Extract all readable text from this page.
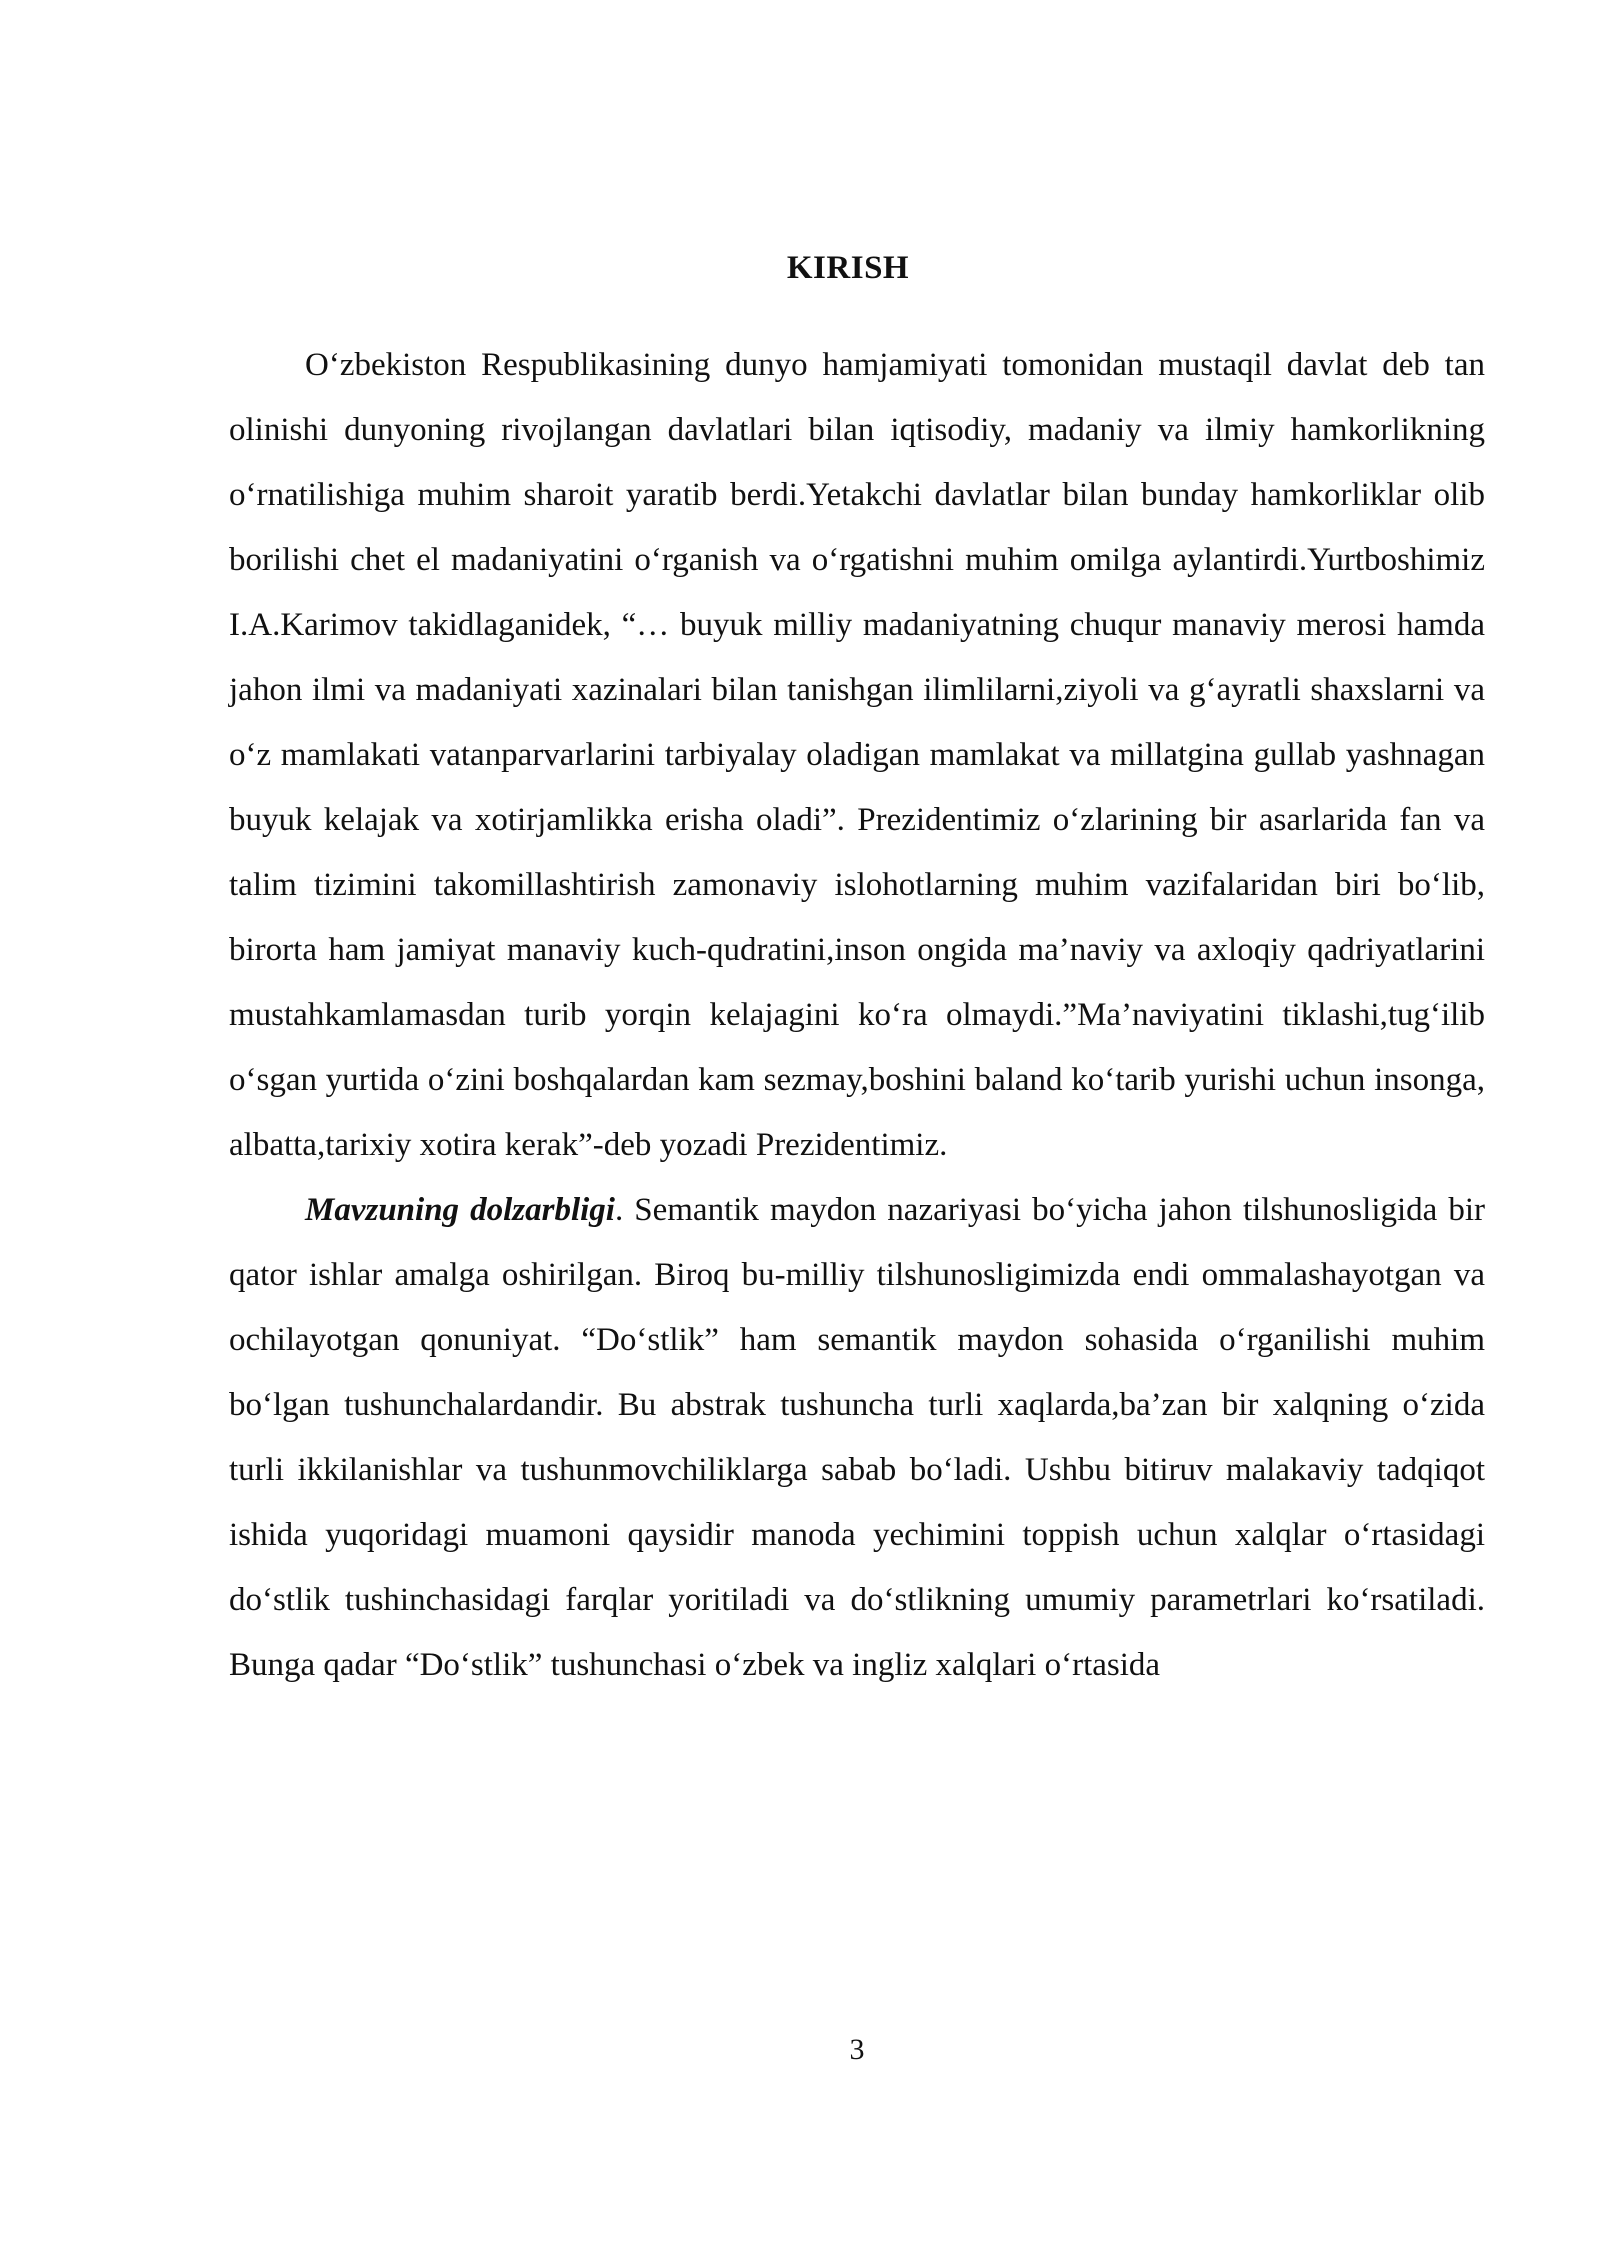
KIRISH

O‘zbekiston Respublikasining dunyo hamjamiyati tomonidan mustaqil davlat deb tan olinishi dunyoning rivojlangan davlatlari bilan iqtisodiy, madaniy va ilmiy hamkorlikning o‘rnatilishiga muhim sharoit yaratib berdi.Yetakchi davlatlar bilan bunday hamkorliklar olib borilishi chet el madaniyatini o‘rganish va o‘rgatishni muhim omilga aylantirdi.Yurtboshimiz I.A.Karimov takidlaganidek, “… buyuk milliy madaniyatning chuqur manaviy merosi hamda jahon ilmi va madaniyati xazinalari bilan tanishgan ilimlilarni,ziyoli va g‘ayratli shaxslarni va o‘z mamlakati vatanparvarlarini tarbiyalay oladigan mamlakat va millatgina gullab yashnagan buyuk kelajak va xotirjamlikka erisha oladi”. Prezidentimiz o‘zlarining bir asarlarida fan va talim tizimini takomillashtirish zamonaviy islohotlarning muhim vazifalaridan biri bo‘lib, birorta ham jamiyat manaviy kuch-qudratini,inson ongida ma’naviy va axloqiy qadriyatlarini mustahkamlamasdan turib yorqin kelajagini ko‘ra olmaydi.”Ma’naviyatini tiklashi,tug‘ilib o‘sgan yurtida o‘zini boshqalardan kam sezmay,boshini baland ko‘tarib yurishi uchun insonga, albatta,tarixiy xotira kerak”-deb yozadi Prezidentimiz.

Mavzuning dolzarbligi. Semantik maydon nazariyasi bo‘yicha jahon tilshunosligida bir qator ishlar amalga oshirilgan. Biroq bu-milliy tilshunosligimizda endi ommalashayotgan va ochilayotgan qonuniyat. “Do‘stlik” ham semantik maydon sohasida o‘rganilishi muhim bo‘lgan tushunchalardandir. Bu abstrak tushuncha turli xaqlarda,ba’zan bir xalqning o‘zida turli ikkilanishlar va tushunmovchiliklarga sabab bo‘ladi. Ushbu bitiruv malakaviy tadqiqot ishida yuqoridagi muamoni qaysidir manoda yechimini toppish uchun xalqlar o‘rtasidagi do‘stlik tushinchasidagi farqlar yoritiladi va do‘stlikning umumiy parametrlari ko‘rsatiladi. Bunga qadar “Do‘stlik” tushunchasi o‘zbek va ingliz xalqlari o‘rtasida

3
